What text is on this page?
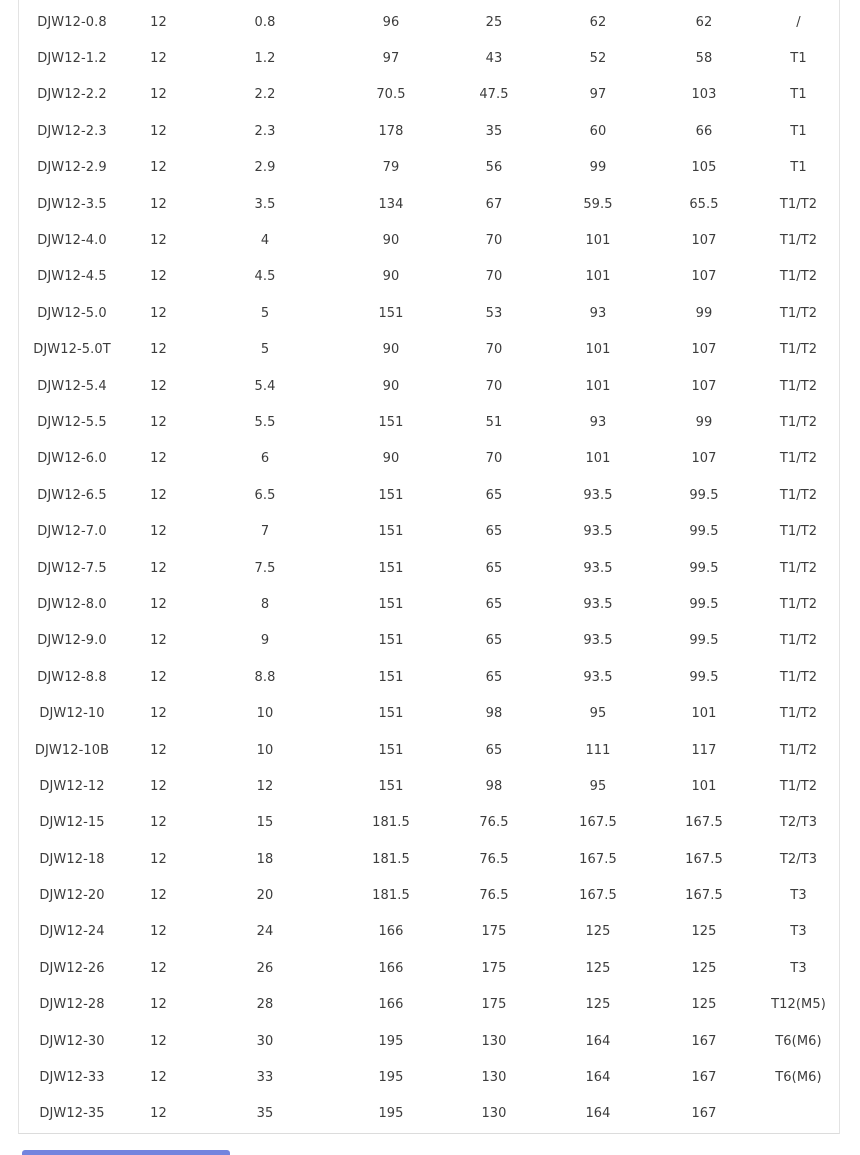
DJW12-0.8	12	0.8	96	25	62	62	/
DJW12-1.2	12	1.2	97	43	52	58	T1
DJW12-2.2	12	2.2	70.5	47.5	97	103	T1
DJW12-2.3	12	2.3	178	35	60	66	T1
DJW12-2.9	12	2.9	79	56	99	105	T1
DJW12-3.5	12	3.5	134	67	59.5	65.5	T1/T2
DJW12-4.0	12	4	90	70	101	107	T1/T2
DJW12-4.5	12	4.5	90	70	101	107	T1/T2
DJW12-5.0	12	5	151	53	93	99	T1/T2
DJW12-5.0T	12	5	90	70	101	107	T1/T2
DJW12-5.4	12	5.4	90	70	101	107	T1/T2
DJW12-5.5	12	5.5	151	51	93	99	T1/T2
DJW12-6.0	12	6	90	70	101	107	T1/T2
DJW12-6.5	12	6.5	151	65	93.5	99.5	T1/T2
DJW12-7.0	12	7	151	65	93.5	99.5	T1/T2
DJW12-7.5	12	7.5	151	65	93.5	99.5	T1/T2
DJW12-8.0	12	8	151	65	93.5	99.5	T1/T2
DJW12-9.0	12	9	151	65	93.5	99.5	T1/T2
DJW12-8.8	12	8.8	151	65	93.5	99.5	T1/T2
DJW12-10	12	10	151	98	95	101	T1/T2
DJW12-10B	12	10	151	65	111	117	T1/T2
DJW12-12	12	12	151	98	95	101	T1/T2
DJW12-15	12	15	181.5	76.5	167.5	167.5	T2/T3
DJW12-18	12	18	181.5	76.5	167.5	167.5	T2/T3
DJW12-20	12	20	181.5	76.5	167.5	167.5	T3
DJW12-24	12	24	166	175	125	125	T3
DJW12-26	12	26	166	175	125	125	T3
DJW12-28	12	28	166	175	125	125	T12(M5)
DJW12-30	12	30	195	130	164	167	T6(M6)
DJW12-33	12	33	195	130	164	167	T6(M6)
DJW12-35	12	35	195	130	164	167	
